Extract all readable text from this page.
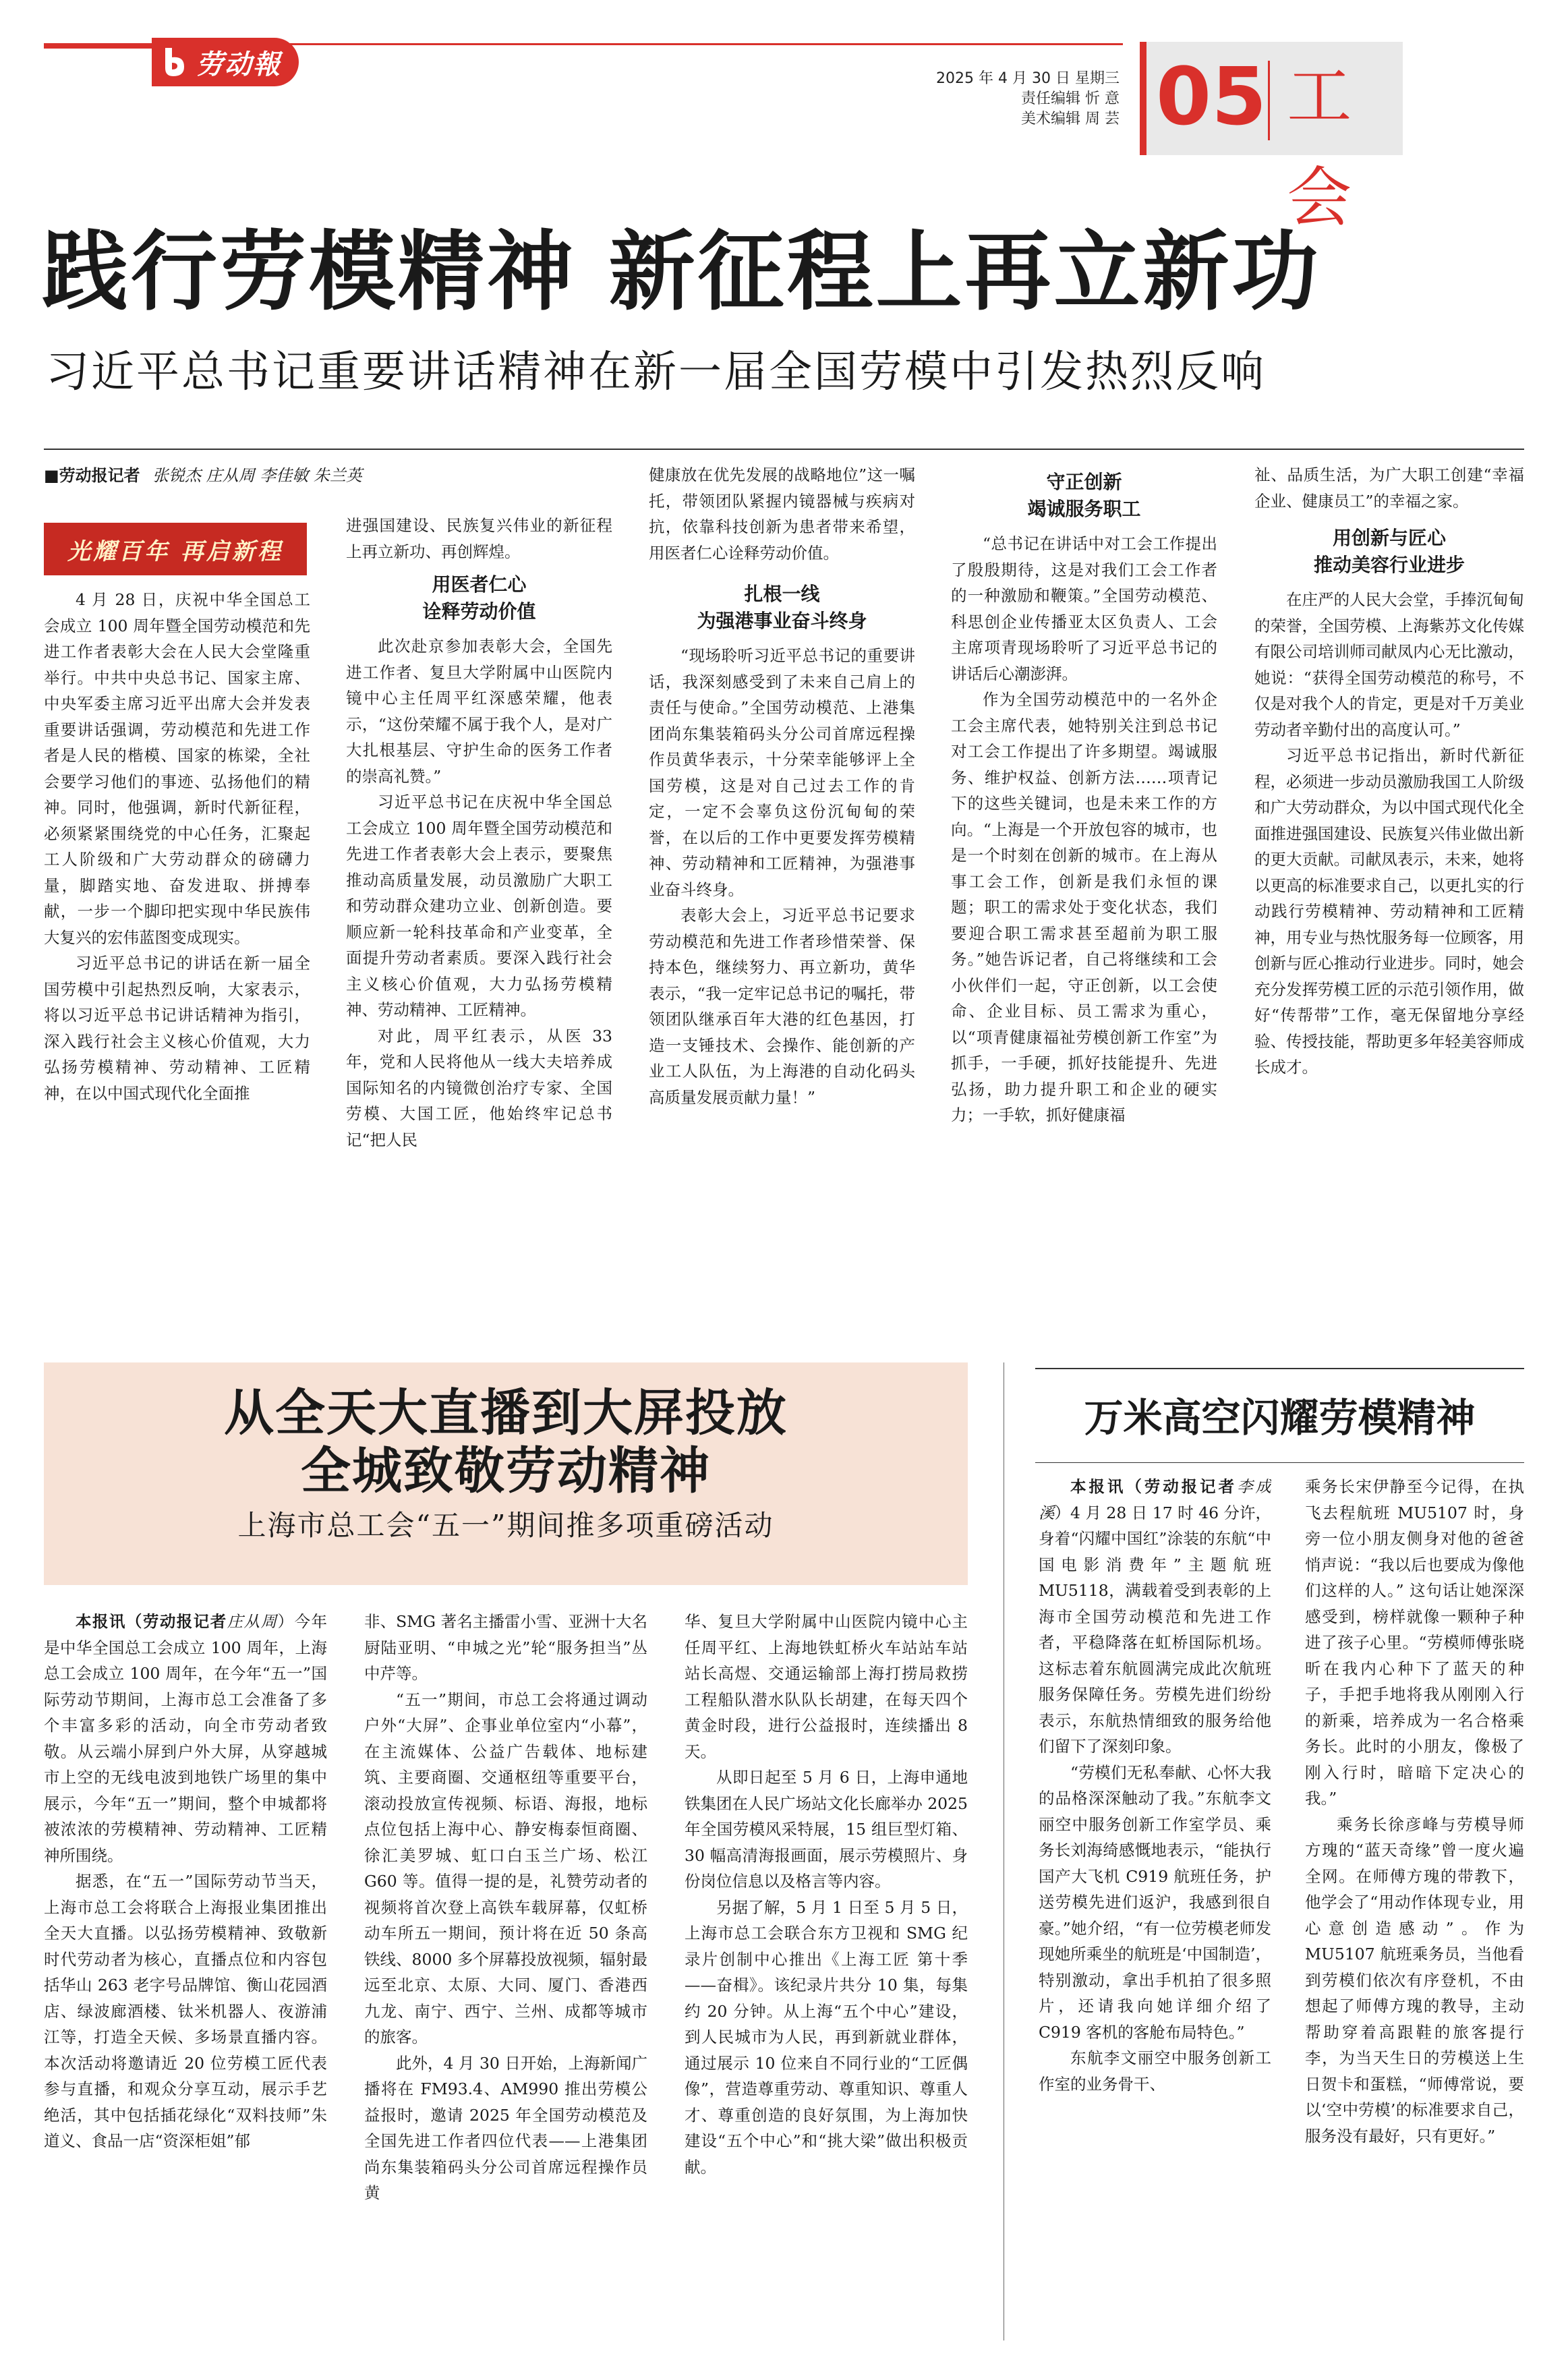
劳动報	2025 年 4 月 30 日 星期三
责任编辑 忻 意
美术编辑 周 芸 05 工会
践行劳模精神 新征程上再立新功
习近平总书记重要讲话精神在新一届全国劳模中引发热烈反响
■劳动报记者 张锐杰 庄从周 李佳敏 朱兰英
光耀百年 再启新程

4 月 28 日，庆祝中华全国总工会成立 100 周年暨全国劳动模范和先进工作者表彰大会在人民大会堂隆重举行。中共中央总书记、国家主席、中央军委主席习近平出席大会并发表重要讲话强调，劳动模范和先进工作者是人民的楷模、国家的栋梁，全社会要学习他们的事迹、弘扬他们的精神。同时，他强调，新时代新征程，必须紧紧围绕党的中心任务，汇聚起工人阶级和广大劳动群众的磅礴力量，脚踏实地、奋发进取、拼搏奉献，一步一个脚印把实现中华民族伟大复兴的宏伟蓝图变成现实。

习近平总书记的讲话在新一届全国劳模中引起热烈反响，大家表示，将以习近平总书记讲话精神为指引，深入践行社会主义核心价值观，大力弘扬劳模精神、劳动精神、工匠精神，在以中国式现代化全面推

进强国建设、民族复兴伟业的新征程上再立新功、再创辉煌。

用医者仁心
诠释劳动价值

此次赴京参加表彰大会，全国先进工作者、复旦大学附属中山医院内镜中心主任周平红深感荣耀，他表示，“这份荣耀不属于我个人，是对广大扎根基层、守护生命的医务工作者的崇高礼赞。”

习近平总书记在庆祝中华全国总工会成立 100 周年暨全国劳动模范和先进工作者表彰大会上表示，要聚焦推动高质量发展，动员激励广大职工和劳动群众建功立业、创新创造。要顺应新一轮科技革命和产业变革，全面提升劳动者素质。要深入践行社会主义核心价值观，大力弘扬劳模精神、劳动精神、工匠精神。

对此，周平红表示，从医 33 年，党和人民将他从一线大夫培养成国际知名的内镜微创治疗专家、全国劳模、大国工匠，他始终牢记总书记“把人民

健康放在优先发展的战略地位”这一嘱托，带领团队紧握内镜器械与疾病对抗，依靠科技创新为患者带来希望，用医者仁心诠释劳动价值。

扎根一线
为强港事业奋斗终身

“现场聆听习近平总书记的重要讲话，我深刻感受到了未来自己肩上的责任与使命。”全国劳动模范、上港集团尚东集装箱码头分公司首席远程操作员黄华表示，十分荣幸能够评上全国劳模，这是对自己过去工作的肯定，一定不会辜负这份沉甸甸的荣誉，在以后的工作中更要发挥劳模精神、劳动精神和工匠精神，为强港事业奋斗终身。

表彰大会上，习近平总书记要求劳动模范和先进工作者珍惜荣誉、保持本色，继续努力、再立新功，黄华表示，“我一定牢记总书记的嘱托，带领团队继承百年大港的红色基因，打造一支锤技术、会操作、能创新的产业工人队伍，为上海港的自动化码头高质量发展贡献力量！”

守正创新
竭诚服务职工

“总书记在讲话中对工会工作提出了殷殷期待，这是对我们工会工作者的一种激励和鞭策。”全国劳动模范、科思创企业传播亚太区负责人、工会主席项青现场聆听了习近平总书记的讲话后心潮澎湃。

作为全国劳动模范中的一名外企工会主席代表，她特别关注到总书记对工会工作提出了许多期望。竭诚服务、维护权益、创新方法……项青记下的这些关键词，也是未来工作的方向。“上海是一个开放包容的城市，也是一个时刻在创新的城市。在上海从事工会工作，创新是我们永恒的课题；职工的需求处于变化状态，我们要迎合职工需求甚至超前为职工服务。”她告诉记者，自己将继续和工会小伙伴们一起，守正创新，以工会使命、企业目标、员工需求为重心，以“项青健康福祉劳模创新工作室”为抓手，一手硬，抓好技能提升、先进弘扬，助力提升职工和企业的硬实力；一手软，抓好健康福

祉、品质生活，为广大职工创建“幸福企业、健康员工”的幸福之家。

用创新与匠心
推动美容行业进步

在庄严的人民大会堂，手捧沉甸甸的荣誉，全国劳模、上海紫苏文化传媒有限公司培训师司献凤内心无比激动，她说：“获得全国劳动模范的称号，不仅是对我个人的肯定，更是对千万美业劳动者辛勤付出的高度认可。”

习近平总书记指出，新时代新征程，必须进一步动员激励我国工人阶级和广大劳动群众，为以中国式现代化全面推进强国建设、民族复兴伟业做出新的更大贡献。司献凤表示，未来，她将以更高的标准要求自己，以更扎实的行动践行劳模精神、劳动精神和工匠精神，用专业与热忱服务每一位顾客，用创新与匠心推动行业进步。同时，她会充分发挥劳模工匠的示范引领作用，做好“传帮带”工作，毫无保留地分享经验、传授技能，帮助更多年轻美容师成长成才。

从全天大直播到大屏投放
全城致敬劳动精神
上海市总工会“五一”期间推多项重磅活动

本报讯（劳动报记者庄从周）今年是中华全国总工会成立 100 周年，上海总工会成立 100 周年，在今年“五一”国际劳动节期间，上海市总工会准备了多个丰富多彩的活动，向全市劳动者致敬。从云端小屏到户外大屏，从穿越城市上空的无线电波到地铁广场里的集中展示，今年“五一”期间，整个申城都将被浓浓的劳模精神、劳动精神、工匠精神所围绕。

据悉，在“五一”国际劳动节当天，上海市总工会将联合上海报业集团推出全天大直播。以弘扬劳模精神、致敬新时代劳动者为核心，直播点位和内容包括华山 263 老字号品牌馆、衡山花园酒店、绿波廊酒楼、钛米机器人、夜游浦江等，打造全天候、多场景直播内容。本次活动将邀请近 20 位劳模工匠代表参与直播，和观众分享互动，展示手艺绝活，其中包括插花绿化“双料技师”朱道义、食品一店“资深柜姐”郁

非、SMG 著名主播雷小雪、亚洲十大名厨陆亚明、“申城之光”轮“服务担当”丛中芹等。

“五一”期间，市总工会将通过调动户外“大屏”、企事业单位室内“小幕”，在主流媒体、公益广告载体、地标建筑、主要商圈、交通枢纽等重要平台，滚动投放宣传视频、标语、海报，地标点位包括上海中心、静安梅泰恒商圈、徐汇美罗城、虹口白玉兰广场、松江 G60 等。值得一提的是，礼赞劳动者的视频将首次登上高铁车载屏幕，仅虹桥动车所五一期间，预计将在近 50 条高铁线、8000 多个屏幕投放视频，辐射最远至北京、太原、大同、厦门、香港西九龙、南宁、西宁、兰州、成都等城市的旅客。

此外，4 月 30 日开始，上海新闻广播将在 FM93.4、AM990 推出劳模公益报时，邀请 2025 年全国劳动模范及全国先进工作者四位代表——上港集团尚东集装箱码头分公司首席远程操作员黄

华、复旦大学附属中山医院内镜中心主任周平红、上海地铁虹桥火车站站车站站长高煜、交通运输部上海打捞局救捞工程船队潜水队队长胡建，在每天四个黄金时段，进行公益报时，连续播出 8 天。

从即日起至 5 月 6 日，上海申通地铁集团在人民广场站文化长廊举办 2025 年全国劳模风采特展，15 组巨型灯箱、30 幅高清海报画面，展示劳模照片、身份岗位信息以及格言等内容。

另据了解，5 月 1 日至 5 月 5 日，上海市总工会联合东方卫视和 SMG 纪录片创制中心推出《上海工匠 第十季——奋楫》。该纪录片共分 10 集，每集约 20 分钟。从上海“五个中心”建设，到人民城市为人民，再到新就业群体，通过展示 10 位来自不同行业的“工匠偶像”，营造尊重劳动、尊重知识、尊重人才、尊重创造的良好氛围，为上海加快建设“五个中心”和“挑大梁”做出积极贡献。

万米高空闪耀劳模精神

本报讯（劳动报记者李成溪）4 月 28 日 17 时 46 分许，身着“闪耀中国红”涂装的东航“中国电影消费年”主题航班 MU5118，满载着受到表彰的上海市全国劳动模范和先进工作者，平稳降落在虹桥国际机场。这标志着东航圆满完成此次航班服务保障任务。劳模先进们纷纷表示，东航热情细致的服务给他们留下了深刻印象。

“劳模们无私奉献、心怀大我的品格深深触动了我。”东航李文丽空中服务创新工作室学员、乘务长刘海绮感慨地表示，“能执行国产大飞机 C919 航班任务，护送劳模先进们返沪，我感到很自豪。”她介绍，“有一位劳模老师发现她所乘坐的航班是‘中国制造’，特别激动，拿出手机拍了很多照片，还请我向她详细介绍了 C919 客机的客舱布局特色。”

东航李文丽空中服务创新工作室的业务骨干、

乘务长宋伊静至今记得，在执飞去程航班 MU5107 时，身旁一位小朋友侧身对他的爸爸悄声说：“我以后也要成为像他们这样的人。” 这句话让她深深感受到，榜样就像一颗种子种进了孩子心里。“劳模师傅张晓昕在我内心种下了蓝天的种子，手把手地将我从刚刚入行的新乘，培养成为一名合格乘务长。此时的小朋友，像极了刚入行时，暗暗下定决心的我。”

乘务长徐彦峰与劳模导师方瑰的“蓝天奇缘”曾一度火遍全网。在师傅方瑰的带教下，他学会了“用动作体现专业，用心意创造感动”。作为 MU5107 航班乘务员，当他看到劳模们依次有序登机，不由想起了师傅方瑰的教导，主动帮助穿着高跟鞋的旅客提行李，为当天生日的劳模送上生日贺卡和蛋糕，“师傅常说，要以‘空中劳模’的标准要求自己，服务没有最好，只有更好。”
